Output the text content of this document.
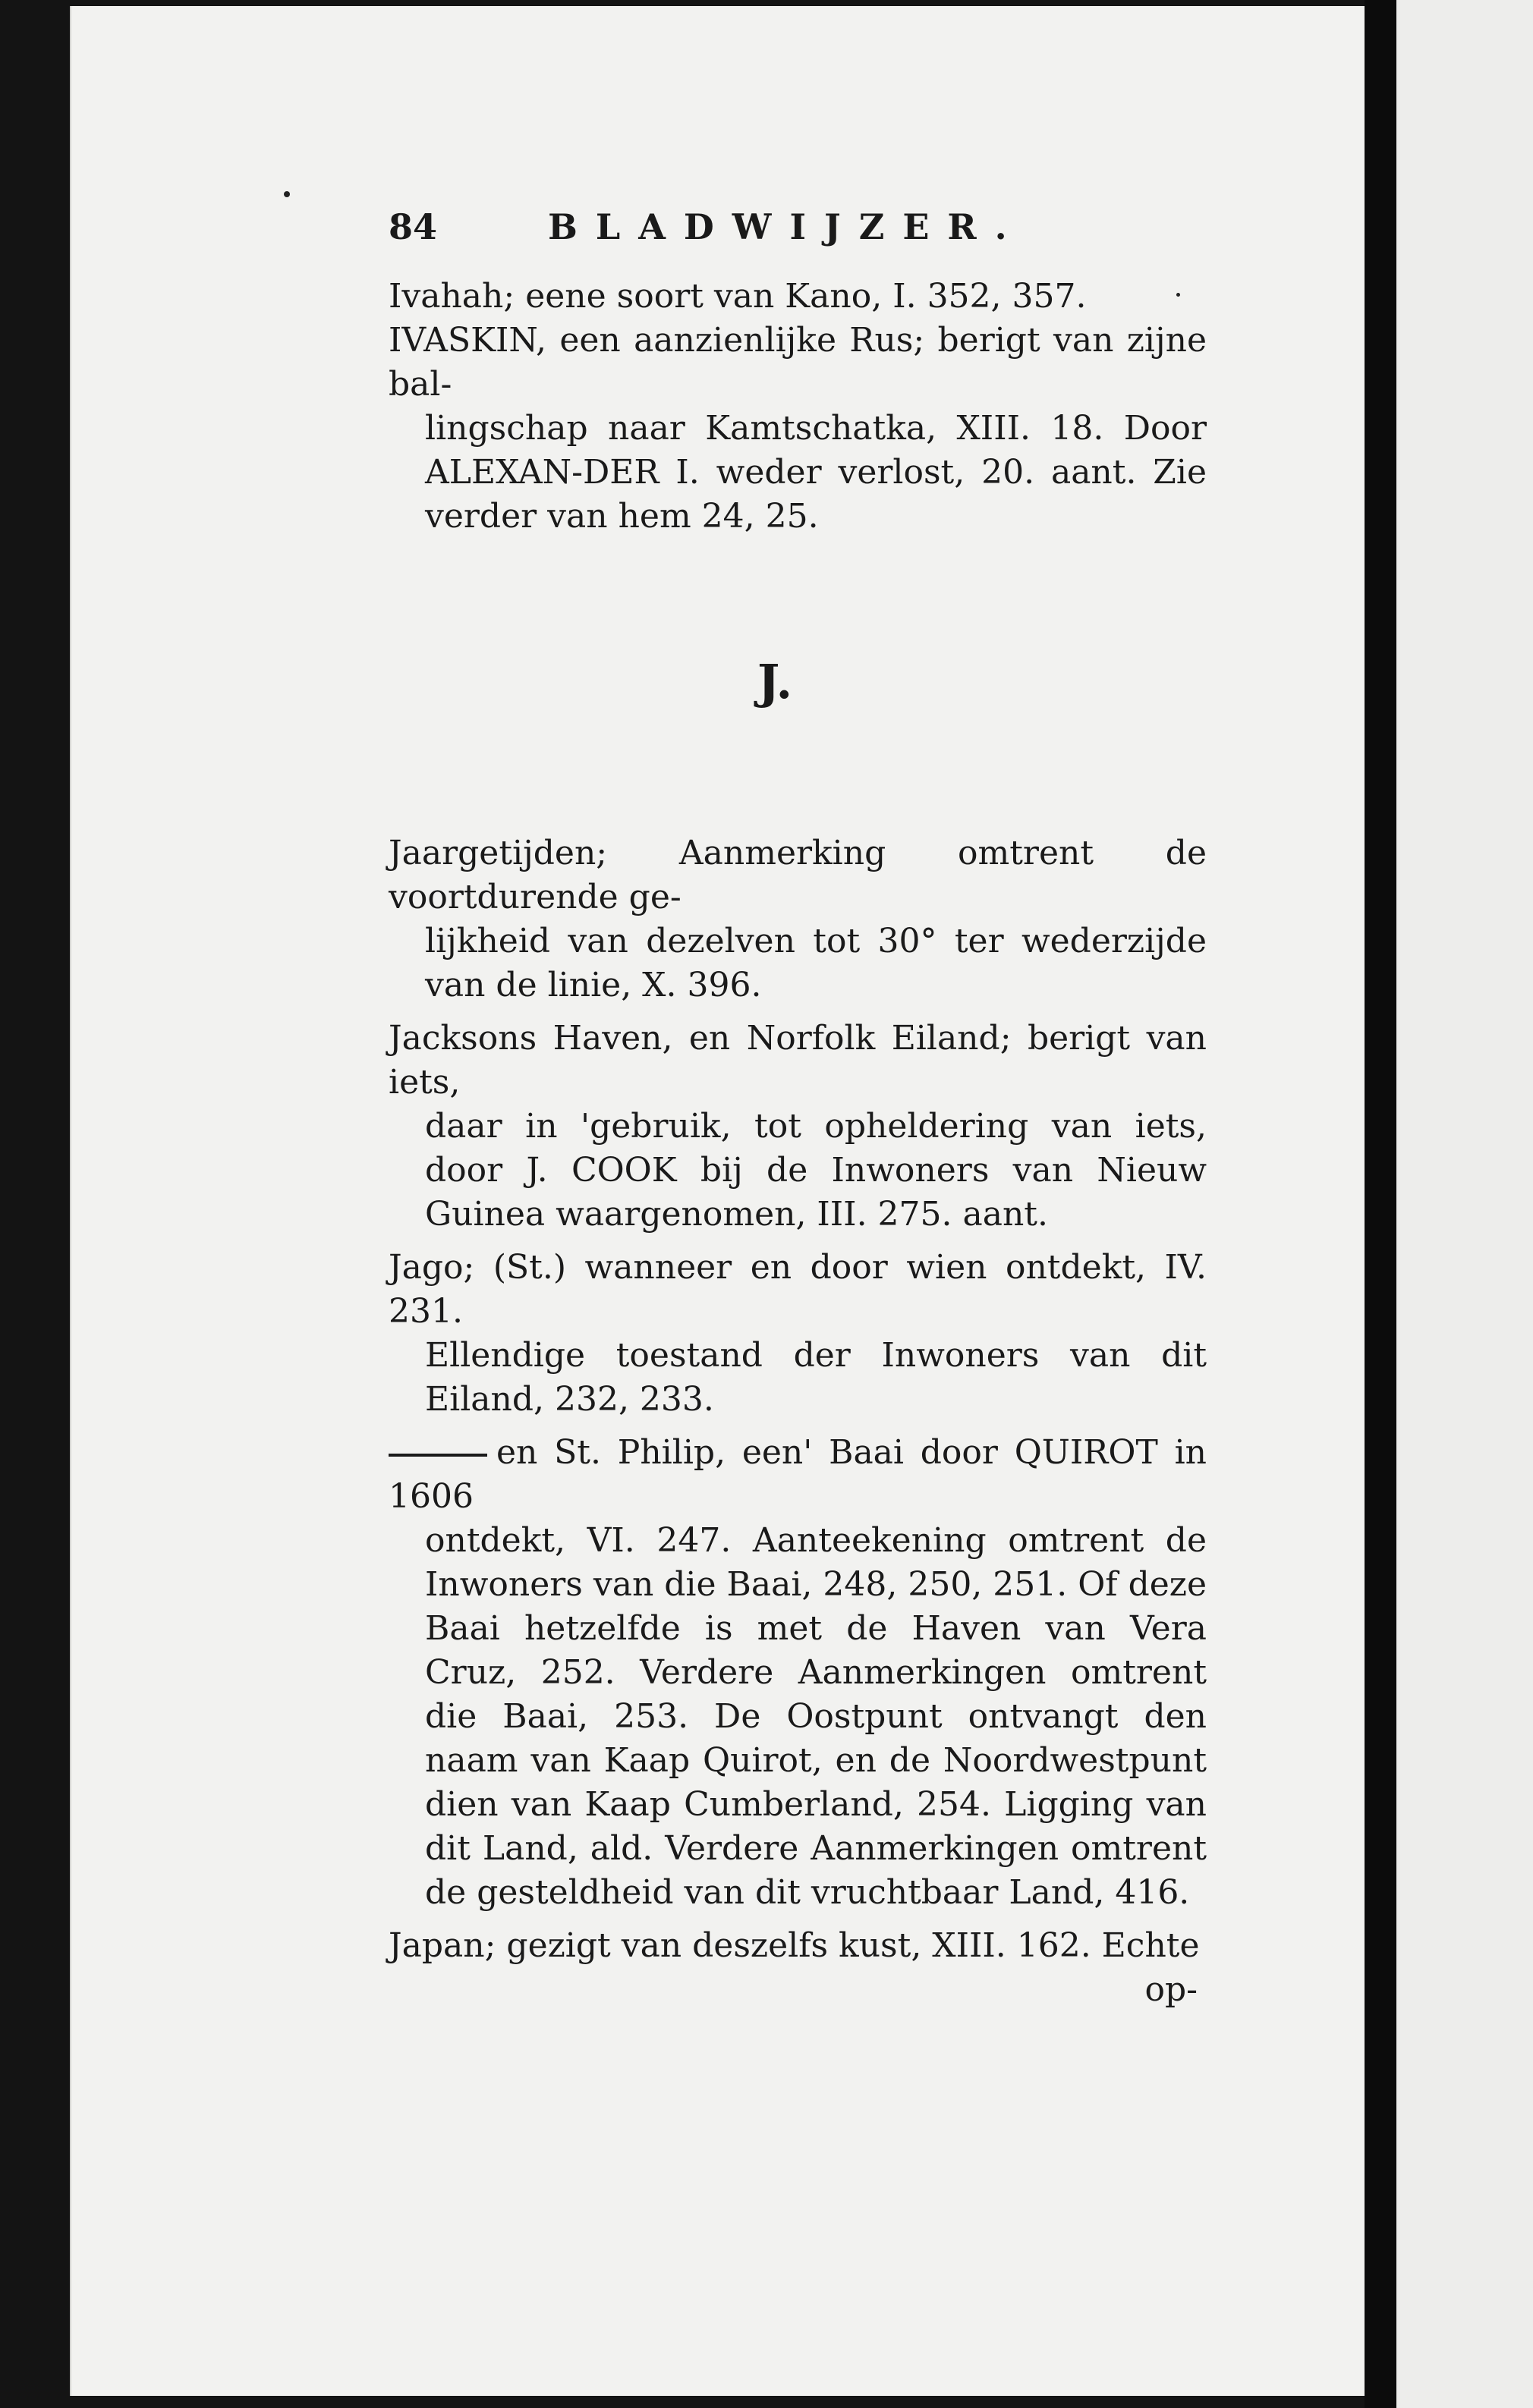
84	BLADWIJZER.
Ivahah; eene soort van Kano, I. 352, 357.
IVASKIN, een aanzienlijke Rus; berigt van zijne bal-
lingschap naar Kamtschatka, XIII. 18. Door ALEXAN-DER I. weder verlost, 20. aant. Zie verder van hem 24, 25.
J.
Jaargetijden; Aanmerking omtrent de voortdurende ge-
lijkheid van dezelven tot 30° ter wederzijde van de linie, X. 396.
Jacksons Haven, en Norfolk Eiland; berigt van iets,
daar in 'gebruik, tot opheldering van iets, door J. COOK bij de Inwoners van Nieuw Guinea waargenomen, III. 275. aant.
Jago; (St.) wanneer en door wien ontdekt, IV. 231.
Ellendige toestand der Inwoners van dit Eiland, 232, 233.
en St. Philip, een' Baai door QUIROT in 1606
ontdekt, VI. 247. Aanteekening omtrent de Inwoners van die Baai, 248, 250, 251. Of deze Baai hetzelfde is met de Haven van Vera Cruz, 252. Verdere Aanmerkingen omtrent die Baai, 253. De Oostpunt ontvangt den naam van Kaap Quirot, en de Noordwestpunt dien van Kaap Cumberland, 254. Ligging van dit Land, ald. Verdere Aanmerkingen omtrent de gesteldheid van dit vruchtbaar Land, 416.
Japan; gezigt van deszelfs kust, XIII. 162. Echte
op-
